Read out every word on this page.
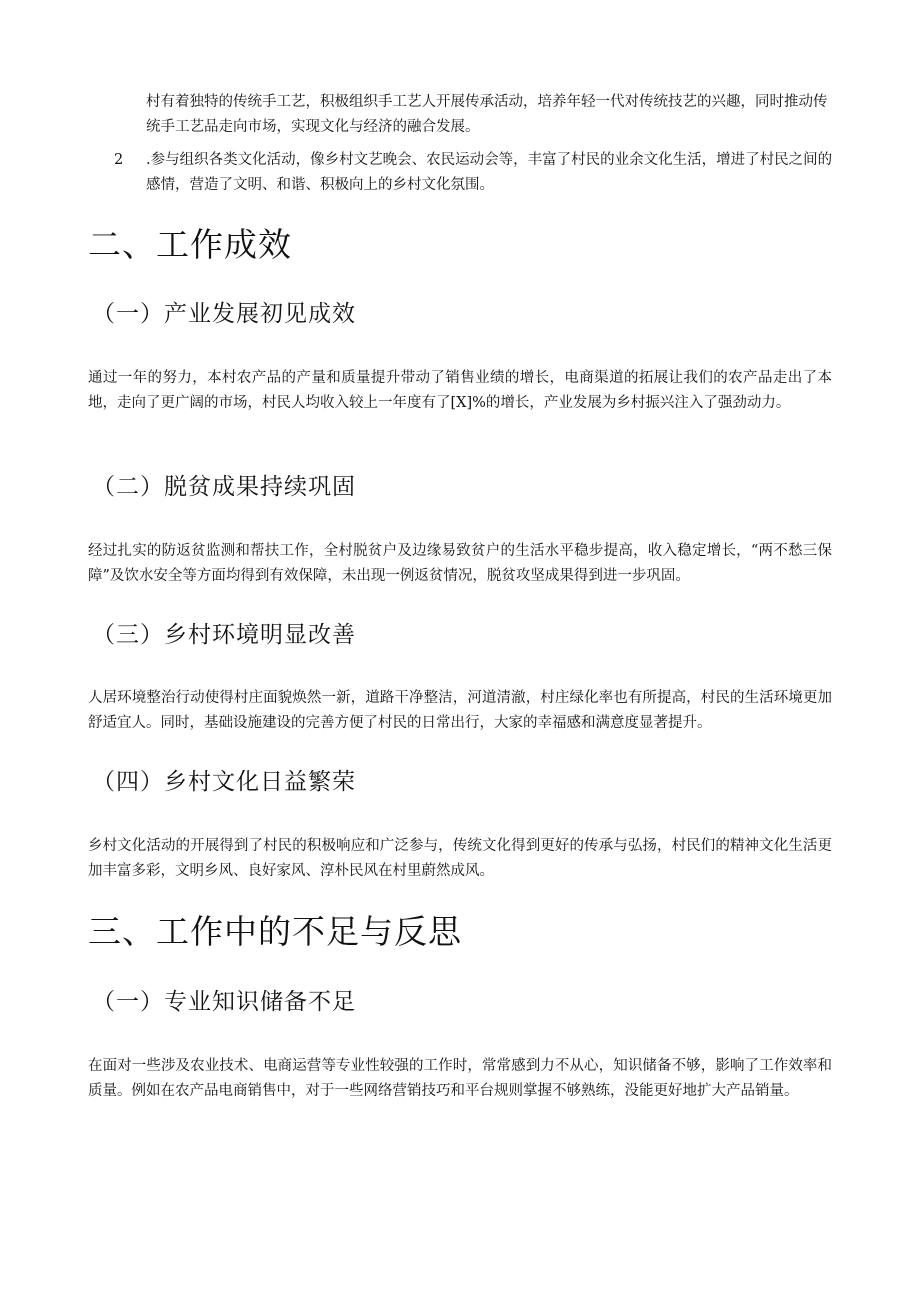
村有着独特的传统手工艺，积极组织手工艺人开展传承活动，培养年轻一代对传统技艺的兴趣，同时推动传统手工艺品走向市场，实现文化与经济的融合发展。
2	.参与组织各类文化活动，像乡村文艺晚会、农民运动会等，丰富了村民的业余文化生活，增进了村民之间的感情，营造了文明、和谐、积极向上的乡村文化氛围。
二、工作成效
（一）产业发展初见成效
通过一年的努力，本村农产品的产量和质量提升带动了销售业绩的增长，电商渠道的拓展让我们的农产品走出了本地，走向了更广阔的市场，村民人均收入较上一年度有了[X]%的增长，产业发展为乡村振兴注入了强劲动力。
（二）脱贫成果持续巩固
经过扎实的防返贫监测和帮扶工作，全村脱贫户及边缘易致贫户的生活水平稳步提高，收入稳定增长，“两不愁三保障”及饮水安全等方面均得到有效保障，未出现一例返贫情况，脱贫攻坚成果得到进一步巩固。
（三）乡村环境明显改善
人居环境整治行动使得村庄面貌焕然一新，道路干净整洁，河道清澈，村庄绿化率也有所提高，村民的生活环境更加舒适宜人。同时，基础设施建设的完善方便了村民的日常出行，大家的幸福感和满意度显著提升。
（四）乡村文化日益繁荣
乡村文化活动的开展得到了村民的积极响应和广泛参与，传统文化得到更好的传承与弘扬，村民们的精神文化生活更加丰富多彩，文明乡风、良好家风、淳朴民风在村里蔚然成风。
三、工作中的不足与反思
（一）专业知识储备不足
在面对一些涉及农业技术、电商运营等专业性较强的工作时，常常感到力不从心，知识储备不够，影响了工作效率和质量。例如在农产品电商销售中，对于一些网络营销技巧和平台规则掌握不够熟练，没能更好地扩大产品销量。
